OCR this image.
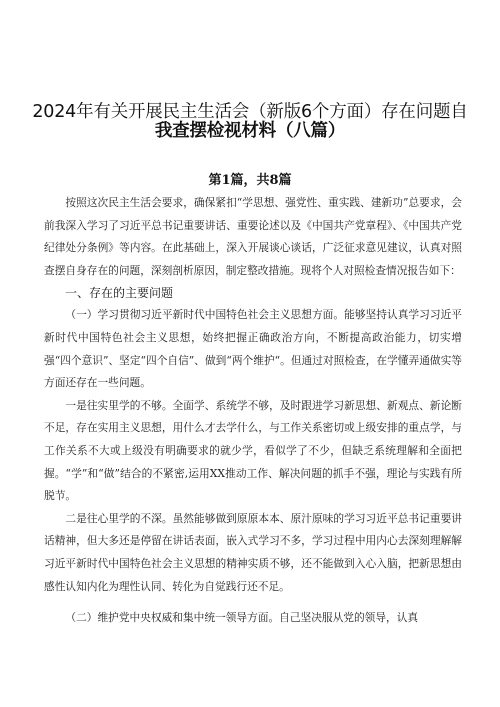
2024年有关开展民主生活会（新版6个方面）存在问题自
我查摆检视材料（八篇）
第1篇，共8篇

按照这次民主生活会要求，确保紧扣“学思想、强党性、重实践、建新功”总要求，会前我深入学习了习近平总书记重要讲话、重要论述以及《中国共产党章程》、《中国共产党纪律处分条例》等内容。在此基础上，深入开展谈心谈话，广泛征求意见建议，认真对照查摆自身存在的问题，深刻剖析原因，制定整改措施。现将个人对照检查情况报告如下：

一、存在的主要问题

（一）学习贯彻习近平新时代中国特色社会主义思想方面。能够坚持认真学习习近平新时代中国特色社会主义思想，始终把握正确政治方向，不断提高政治能力，切实增强“四个意识”、坚定“四个自信”、做到“两个维护“。但通过对照检查，在学懂弄通做实等方面还存在一些问题。

一是往实里学的不够。全面学、系统学不够，及时跟进学习新思想、新观点、新论断不足，存在实用主义思想，用什么才去学什么，与工作关系密切或上级安排的重点学，与工作关系不大或上级没有明确要求的就少学，看似学了不少，但缺乏系统理解和全面把握。“学”和“做”结合的不紧密,运用XX推动工作、解决问题的抓手不强，理论与实践有所脱节。

二是往心里学的不深。虽然能够做到原原本本、原汁原味的学习习近平总书记重要讲话精神，但大多还是停留在讲话表面，嵌入式学习不多，学习过程中用内心去深刻理解解习近平新时代中国特色社会主义思想的精神实质不够，还不能做到入心入脑，把新思想由感性认知内化为理性认同、转化为自觉践行还不足。

（二）维护党中央权威和集中统一领导方面。自己坚决服从党的领导，认真
